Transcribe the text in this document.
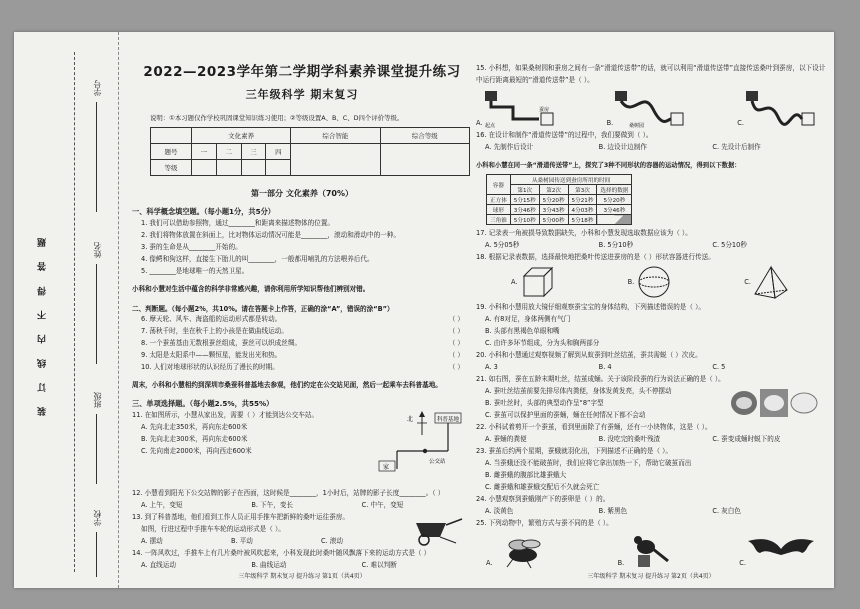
装 订 线 内 不 得 答 题
学号
姓名
班级
学校
2022—2023学年第二学期学科素养课堂提升练习
三年级科学 期末复习
说明：①本习题仅作学校巩固课堂知识练习使用；②等级设置A、B、C、D四个评价等级。
	文化素养				综合智能	综合等级
题号	一	二	三	四		
等级						
第一部分 文化素养（70%）
一、科学概念填空题。（每小题1分，共5分）
1. 我们可以借助参照物，通过________和距离来描述物体的位置。
2. 我们将物体放置在斜面上，比对物体运动情况可能是________，滚动和滑动中的一种。
3. 蚕的生命是从________开始的。
4. 像鳄和狗这样，直接生下胎儿的叫________，一般都用哺乳的方法喂养后代。
5. ________是地球唯一的天然卫星。
小科和小慧对生活中蕴含的科学非常感兴趣，请你利用所学知识帮他们辨别对错。
二、判断题。（每小题2%，共10%。请在答题卡上作答，正确的涂“A”，错误的涂“B”）
6. 摩天轮、风车、海盗船的运动形式都是转动。	（ ）
7. 荡秋千时，坐在秋千上的小孩是在做曲线运动。	（ ）
8. 一个蚕茧基由无数根蚕丝组成，蚕丝可以织成丝绸。	（ ）
9. 太阳是太阳系中——颗恒星，能发出光和热。	（ ）
10. 人们对地球形状的认识经历了漫长的时期。	（ ）
周末，小科和小慧相约到深圳市桑蚕科普基地去参观，他们约定在公交站见面，然后一起乘车去科普基地。
三、单项选择题。（每小题2.5%，共55%）
11. 在如图所示，小慧从家出发，需要（ ）才能到达公交车站。
A. 先向北走350米，再向东走600米
B. 先向北走300米，再向东走600米
C. 先向南走2000米，再向西走600米
北	科普基地
家
公交站
12. 小慧看到阳光下公交站牌的影子在西面，这时候是________，1小时后，站牌的影子长度________。（ ）
A. 上午，变短	B. 下午，变长	C. 中午，变短
13. 到了科普基地，他们看到工作人员正用手推车把新鲜的桑叶运往蚕房。
如图，行进过程中手推车车轮的运动形式是（ ）。
A. 摆动	B. 平动	C. 滚动
14. 一阵风吹过，手推车上有几片桑叶被风吹起来，小科发现此时桑叶随风飘落下来的运动方式是（ ）
A. 直线运动	B. 曲线运动	C. 难以判断
三年级科学 期末复习 提升练习 第1页（共4页）
15. 小科想，如果桑树园和蚕房之间有一条“滑道传送带”的话，就可以利用“滑道传送带”直接传送桑叶到蚕房，以下设计中运行距离最短的“滑道传送带”是（ ）。
A. 起点
蚕房
B.	桑树园	C.
16. 在设计和制作“滑道传送带”的过程中，我们要做到（ ）。
A. 先制作后设计	B. 边设计边制作	C. 先设计后制作
小科和小慧在同一条“滑道传送带”上，探究了3种不同形状的容器的运动情况，得到以下数据：
容器	从桑树园传送到蚕房所用的时间			
	第1次	第2次	第3次	选择的数据
正方体	5分15秒	5分20秒	5分21秒	5分20秒
球形	3分46秒	3分43秒	4分03秒	3分46秒
三角锥	5分10秒	5分00秒	5分18秒	
17. 记录表一角被损导致数据缺失，小科和小慧发现选取数据应该为（ ）。
A. 5分05秒	B. 5分10秒	C. 5分10秒
18. 根据记录表数据，选择最快地把桑叶传送进蚕房的是（ ）形状容器进行传送。
A.	B.	C.
19. 小科和小慧用放大镜仔细观察蚕宝宝的身体结构，下列描述错误的是（ ）。
A. 有8对足，身体两侧有气门
B. 头部有黑褐色单眼和嘴
C. 由许多环节组成，分为头和胸两部分
20. 小科和小慧通过观察视频了解到从蚁蚕到吐丝结茧，蚕共需蜕（ ）次皮。
A. 3	B. 4	C. 5
21. 如右图，蚕在五龄末期吐丝，结茧成蛹。关于该阶段蚕的行为说法正确的是（ ）。
A. 蚕吐丝结茧前要先排尽体内粪便，身体发黄发亮，头不停摆动
B. 蚕吐丝时，头部的典型动作呈“8”字型
C. 蚕茧可以保护里面的蚕蛹，蛹在任何情况下都不会动
22. 小科试着剪开一个蚕茧，看到里面除了有蚕蛹，还有一小块物体，这是（ ）。
A. 蚕蛹的粪便	B. 没吃完的桑叶残渣	C. 蚕变成蛹时蜕下的皮
23. 蚕茧后约两个星期，蚕蛾就羽化出，下列描述不正确的是（ ）。
A. 当蚕蛾还没不能破茧时，我们应将它拿出加热一下，帮助它破茧而出
B. 雌蚕蛾的腹部比雄蚕蛾大
C. 雌蚕蛾和雄蚕蛾交配后不久就会死亡
24. 小慧观察到蚕蛾刚产下的蚕卵是（ ）的。
A. 淡黄色	B. 紫黑色	C. 灰白色
25. 下列动物中，繁殖方式与蚕不同的是（ ）。
A.	B.	C.
三年级科学 期末复习 提升练习 第2页（共4页）
